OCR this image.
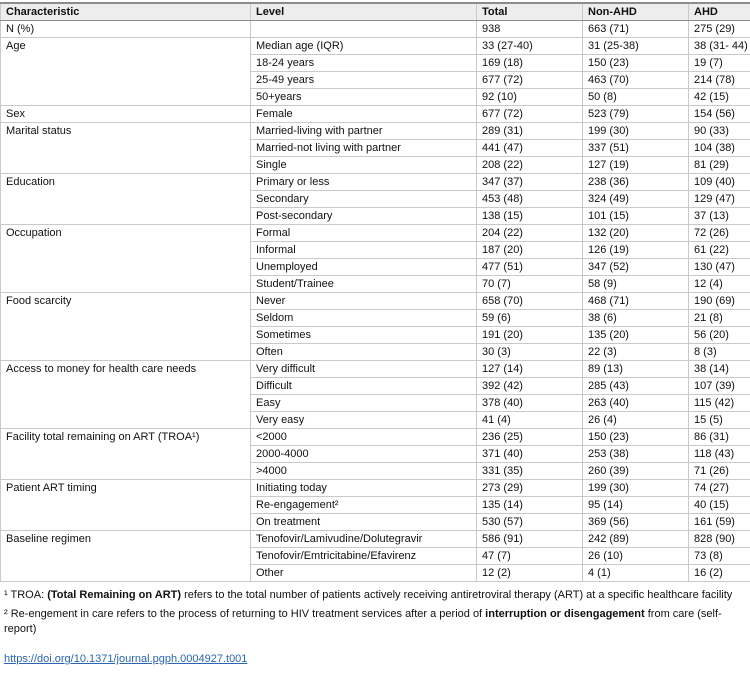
Characteristic	Level	Total	Non-AHD	AHD
N (%)		938	663 (71)	275 (29)
Age	Median age (IQR)	33 (27-40)	31 (25-38)	38 (31- 44)
	18-24 years	169 (18)	150 (23)	19 (7)
	25-49 years	677 (72)	463 (70)	214 (78)
	50+years	92 (10)	50 (8)	42 (15)
Sex	Female	677 (72)	523 (79)	154 (56)
Marital status	Married-living with partner	289 (31)	199 (30)	90 (33)
	Married-not living with partner	441 (47)	337 (51)	104 (38)
	Single	208 (22)	127 (19)	81 (29)
Education	Primary or less	347 (37)	238 (36)	109 (40)
	Secondary	453 (48)	324 (49)	129 (47)
	Post-secondary	138 (15)	101 (15)	37 (13)
Occupation	Formal	204 (22)	132 (20)	72 (26)
	Informal	187 (20)	126 (19)	61 (22)
	Unemployed	477 (51)	347 (52)	130 (47)
	Student/Trainee	70 (7)	58 (9)	12 (4)
Food scarcity	Never	658 (70)	468 (71)	190 (69)
	Seldom	59 (6)	38 (6)	21 (8)
	Sometimes	191 (20)	135 (20)	56 (20)
	Often	30 (3)	22 (3)	8 (3)
Access to money for health care needs	Very difficult	127 (14)	89 (13)	38 (14)
	Difficult	392 (42)	285 (43)	107 (39)
	Easy	378 (40)	263 (40)	115 (42)
	Very easy	41 (4)	26 (4)	15 (5)
Facility total remaining on ART (TROA¹)	<2000	236 (25)	150 (23)	86 (31)
	2000-4000	371 (40)	253 (38)	118 (43)
	>4000	331 (35)	260 (39)	71 (26)
Patient ART timing	Initiating today	273 (29)	199 (30)	74 (27)
	Re-engagement²	135 (14)	95 (14)	40 (15)
	On treatment	530 (57)	369 (56)	161 (59)
Baseline regimen	Tenofovir/Lamivudine/Dolutegravir	586 (91)	242 (89)	828 (90)
	Tenofovir/Emtricitabine/Efavirenz	47 (7)	26 (10)	73 (8)
	Other	12 (2)	4 (1)	16 (2)

¹ TROA: (Total Remaining on ART) refers to the total number of patients actively receiving antiretroviral therapy (ART) at a specific healthcare facility

² Re-engement in care refers to the process of returning to HIV treatment services after a period of interruption or disengagement from care (self-report)

https://doi.org/10.1371/journal.pgph.0004927.t001
